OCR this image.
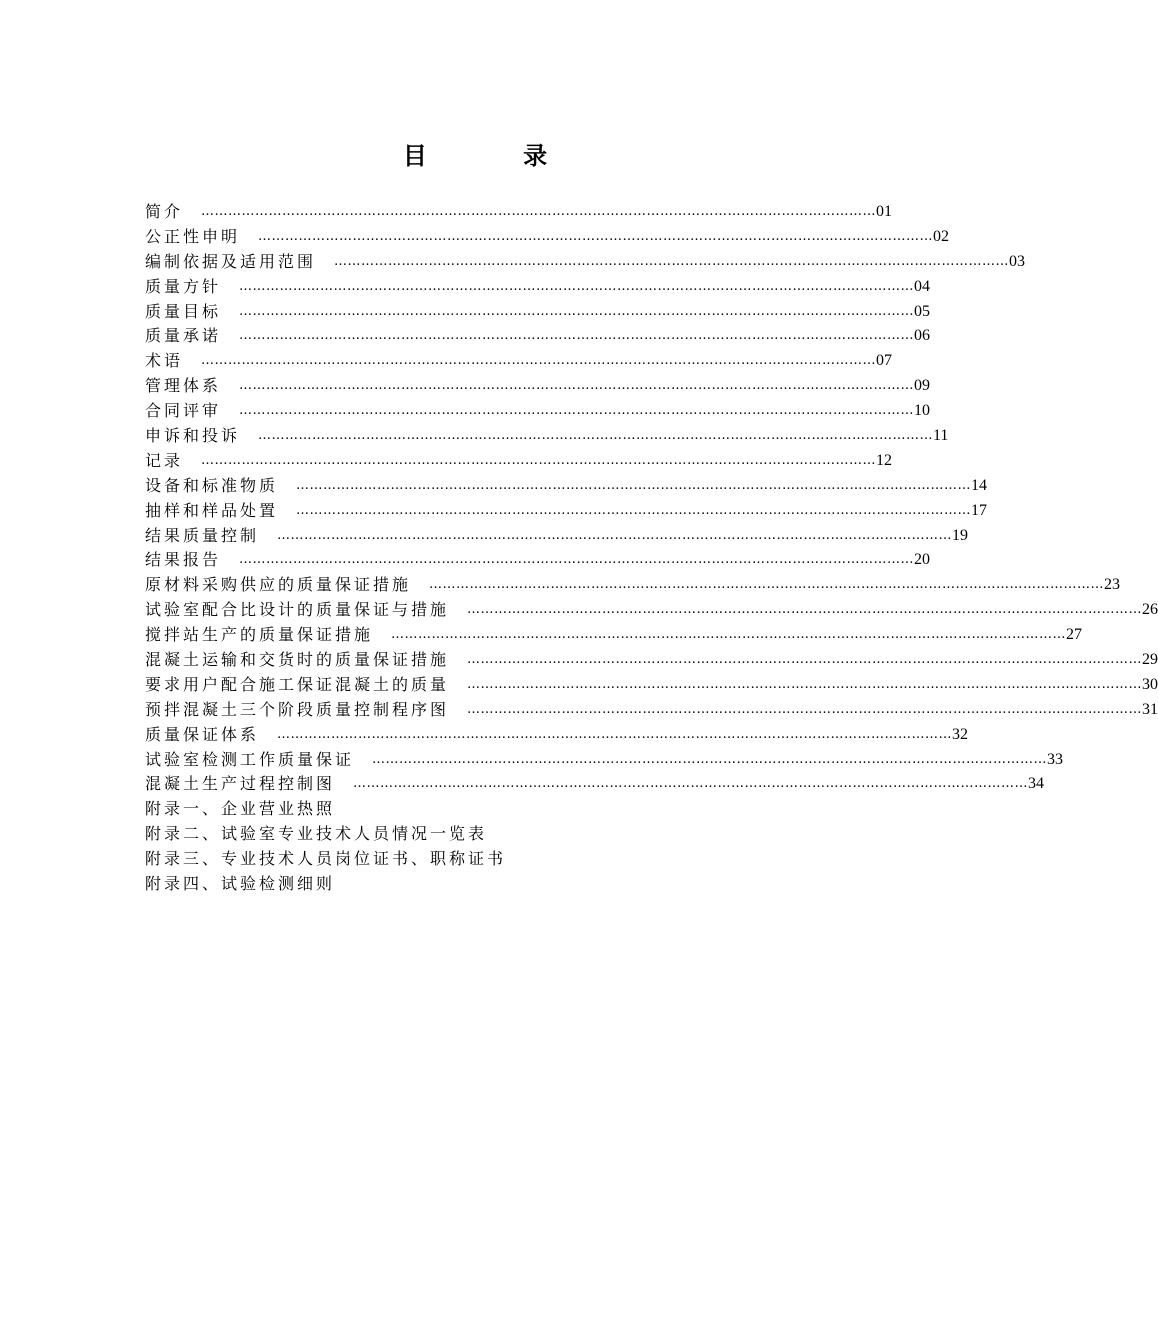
目 录
简介	…………………………………………………………………………………………………………………………………… 01
公正性申明	…………………………………………………………………………………………………………………………………… 02
编制依据及适用范围	…………………………………………………………………………………………………………………………………… 03
质量方针	…………………………………………………………………………………………………………………………………… 04
质量目标	…………………………………………………………………………………………………………………………………… 05
质量承诺	…………………………………………………………………………………………………………………………………… 06
术语	…………………………………………………………………………………………………………………………………… 07
管理体系	…………………………………………………………………………………………………………………………………… 09
合同评审	…………………………………………………………………………………………………………………………………… 10
申诉和投诉	…………………………………………………………………………………………………………………………………… 11
记录	…………………………………………………………………………………………………………………………………… 12
设备和标准物质	…………………………………………………………………………………………………………………………………… 14
抽样和样品处置	…………………………………………………………………………………………………………………………………… 17
结果质量控制	…………………………………………………………………………………………………………………………………… 19
结果报告	…………………………………………………………………………………………………………………………………… 20
原材料采购供应的质量保证措施	…………………………………………………………………………………………………………………………………… 23
试验室配合比设计的质量保证与措施	…………………………………………………………………………………………………………………………………… 26
搅拌站生产的质量保证措施	…………………………………………………………………………………………………………………………………… 27
混凝土运输和交货时的质量保证措施	…………………………………………………………………………………………………………………………………… 29
要求用户配合施工保证混凝土的质量	…………………………………………………………………………………………………………………………………… 30
预拌混凝土三个阶段质量控制程序图	…………………………………………………………………………………………………………………………………… 31
质量保证体系	…………………………………………………………………………………………………………………………………… 32
试验室检测工作质量保证	…………………………………………………………………………………………………………………………………… 33
混凝土生产过程控制图	…………………………………………………………………………………………………………………………………… 34
附录一、企业营业热照
附录二、试验室专业技术人员情况一览表
附录三、专业技术人员岗位证书、职称证书
附录四、试验检测细则
